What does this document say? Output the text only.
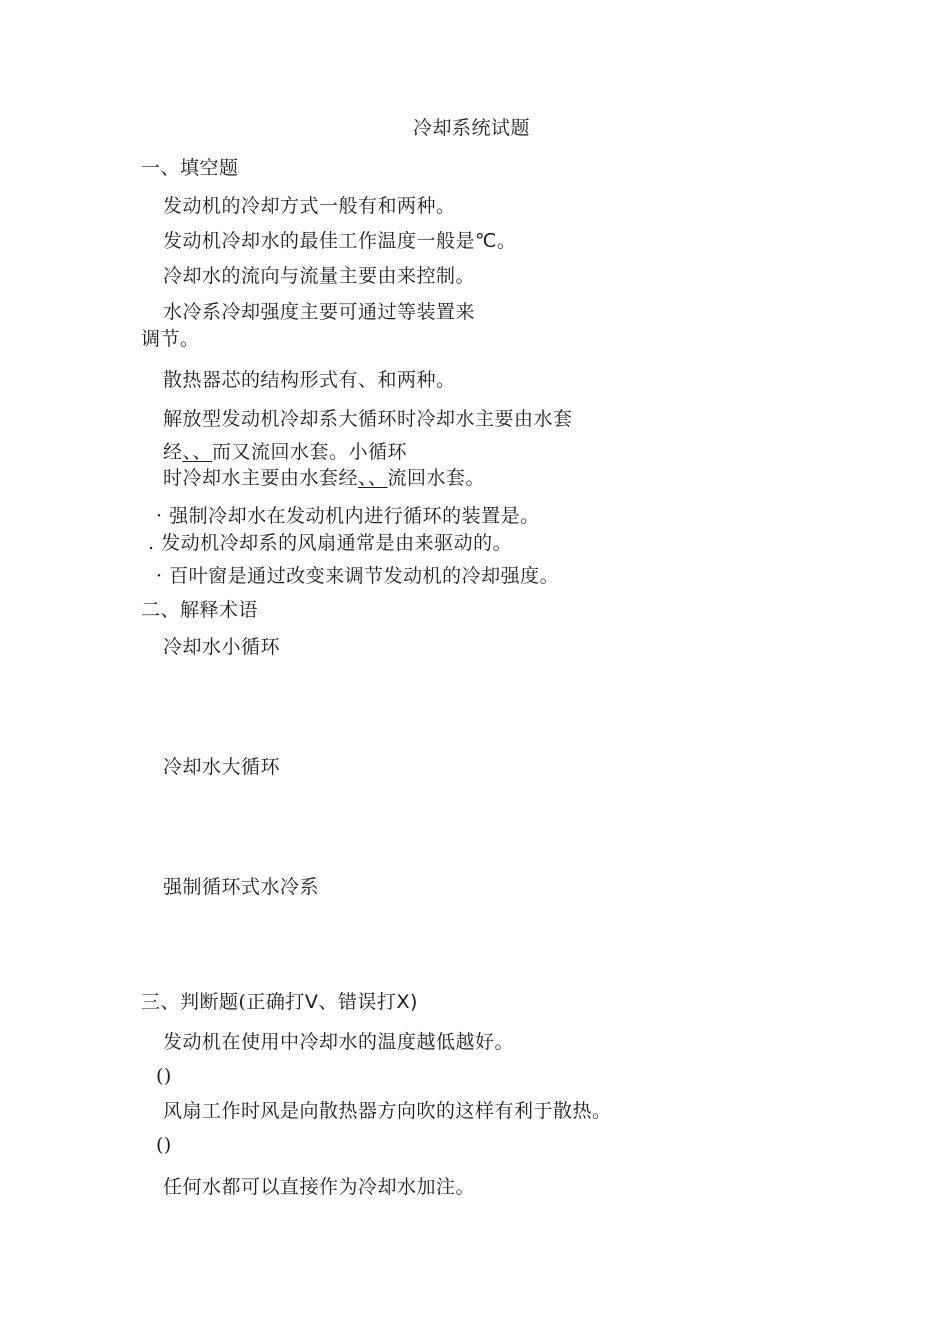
冷却系统试题
一、填空题
发动机的冷却方式一般有和两种。
发动机冷却水的最佳工作温度一般是℃。
冷却水的流向与流量主要由来控制。
水冷系冷却强度主要可通过等装置来
调节。
散热器芯的结构形式有、和两种。
解放型发动机冷却系大循环时冷却水主要由水套
经、、而又流回水套。小循环
时冷却水主要由水套经、、流回水套。
· 强制冷却水在发动机内进行循环的装置是。
. 发动机冷却系的风扇通常是由来驱动的。
· 百叶窗是通过改变来调节发动机的冷却强度。
二、解释术语
冷却水小循环
冷却水大循环
强制循环式水冷系
三、判断题(正确打V、错误打X)
发动机在使用中冷却水的温度越低越好。
()
风扇工作时风是向散热器方向吹的这样有利于散热。
()
任何水都可以直接作为冷却水加注。
